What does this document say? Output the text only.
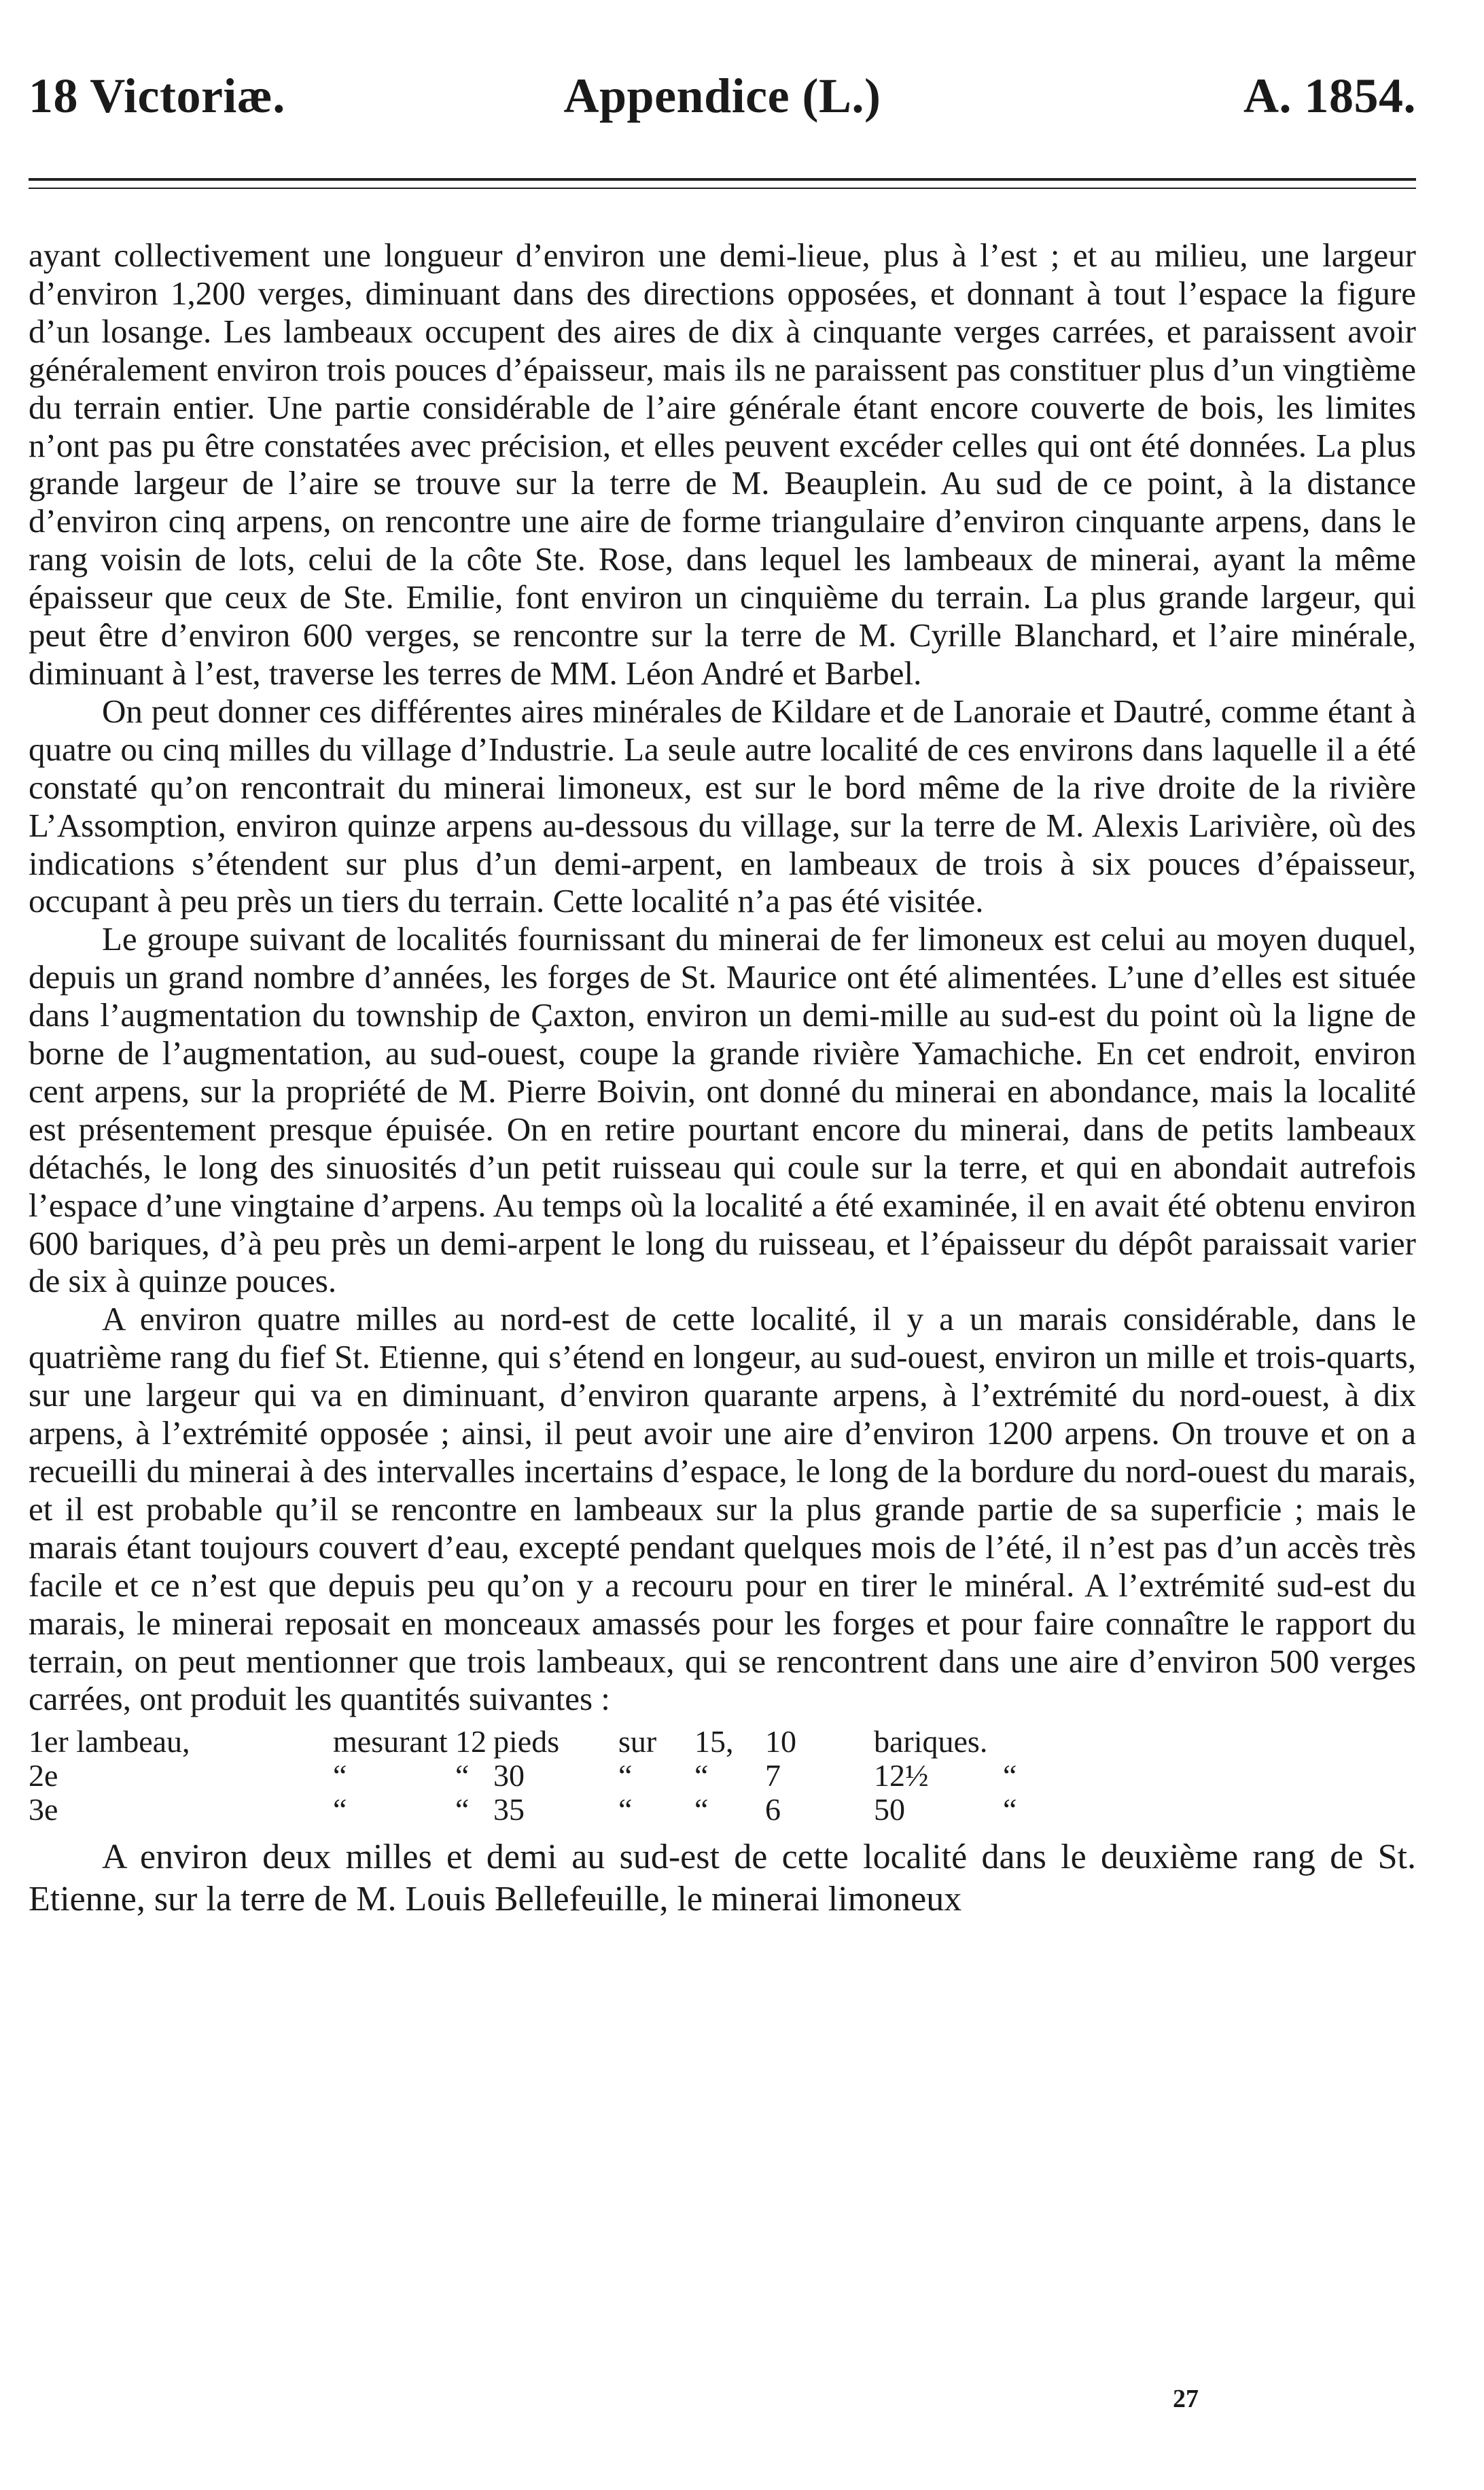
18 Victoriæ.	Appendice (L.)	A. 1854.

ayant collectivement une longueur d’environ une demi-lieue, plus à l’est ; et au milieu, une largeur d’environ 1,200 verges, diminuant dans des directions opposées, et donnant à tout l’espace la figure d’un losange. Les lambeaux occupent des aires de dix à cinquante verges carrées, et paraissent avoir généralement environ trois pouces d’épaisseur, mais ils ne paraissent pas constituer plus d’un vingtième du terrain entier. Une partie considérable de l’aire générale étant encore couverte de bois, les limites n’ont pas pu être constatées avec précision, et elles peuvent excéder celles qui ont été données. La plus grande largeur de l’aire se trouve sur la terre de M. Beauplein. Au sud de ce point, à la distance d’environ cinq arpens, on rencontre une aire de forme triangulaire d’environ cinquante arpens, dans le rang voisin de lots, celui de la côte Ste. Rose, dans lequel les lambeaux de minerai, ayant la même épaisseur que ceux de Ste. Emilie, font environ un cinquième du terrain. La plus grande largeur, qui peut être d’environ 600 verges, se rencontre sur la terre de M. Cyrille Blanchard, et l’aire minérale, diminuant à l’est, traverse les terres de MM. Léon André et Barbel.

On peut donner ces différentes aires minérales de Kildare et de Lanoraie et Dautré, comme étant à quatre ou cinq milles du village d’Industrie. La seule autre localité de ces environs dans laquelle il a été constaté qu’on rencontrait du minerai limoneux, est sur le bord même de la rive droite de la rivière L’Assomption, environ quinze arpens au-dessous du village, sur la terre de M. Alexis Larivière, où des indications s’étendent sur plus d’un demi-arpent, en lambeaux de trois à six pouces d’épaisseur, occupant à peu près un tiers du terrain. Cette localité n’a pas été visitée.

Le groupe suivant de localités fournissant du minerai de fer limoneux est celui au moyen duquel, depuis un grand nombre d’années, les forges de St. Maurice ont été alimentées. L’une d’elles est située dans l’augmentation du township de Çaxton, environ un demi-mille au sud-est du point où la ligne de borne de l’augmentation, au sud-ouest, coupe la grande rivière Yamachiche. En cet endroit, environ cent arpens, sur la propriété de M. Pierre Boivin, ont donné du minerai en abondance, mais la localité est présentement presque épuisée. On en retire pourtant encore du minerai, dans de petits lambeaux détachés, le long des sinuosités d’un petit ruisseau qui coule sur la terre, et qui en abondait autrefois l’espace d’une vingtaine d’arpens. Au temps où la localité a été examinée, il en avait été obtenu environ 600 bariques, d’à peu près un demi-arpent le long du ruisseau, et l’épaisseur du dépôt paraissait varier de six à quinze pouces.

A environ quatre milles au nord-est de cette localité, il y a un marais considérable, dans le quatrième rang du fief St. Etienne, qui s’étend en longeur, au sud-ouest, environ un mille et trois-quarts, sur une largeur qui va en diminuant, d’environ quarante arpens, à l’extrémité du nord-ouest, à dix arpens, à l’extrémité opposée ; ainsi, il peut avoir une aire d’environ 1200 arpens. On trouve et on a recueilli du minerai à des intervalles incertains d’espace, le long de la bordure du nord-ouest du marais, et il est probable qu’il se rencontre en lambeaux sur la plus grande partie de sa superficie ; mais le marais étant toujours couvert d’eau, excepté pendant quelques mois de l’été, il n’est pas d’un accès très facile et ce n’est que depuis peu qu’on y a recouru pour en tirer le minéral. A l’extrémité sud-est du marais, le minerai reposait en monceaux amassés pour les forges et pour faire connaître le rapport du terrain, on peut mentionner que trois lambeaux, qui se rencontrent dans une aire d’environ 500 verges carrées, ont produit les quantités suivantes :

1er lambeau,	mesurant 12 pieds	sur	15,	10	bariques.
2e	“	“ 30	“	“	7	12½	“
3e	“	“ 35	“	“	6	50	“

A environ deux milles et demi au sud-est de cette localité dans le deuxième rang de St. Etienne, sur la terre de M. Louis Bellefeuille, le minerai limoneux

27
